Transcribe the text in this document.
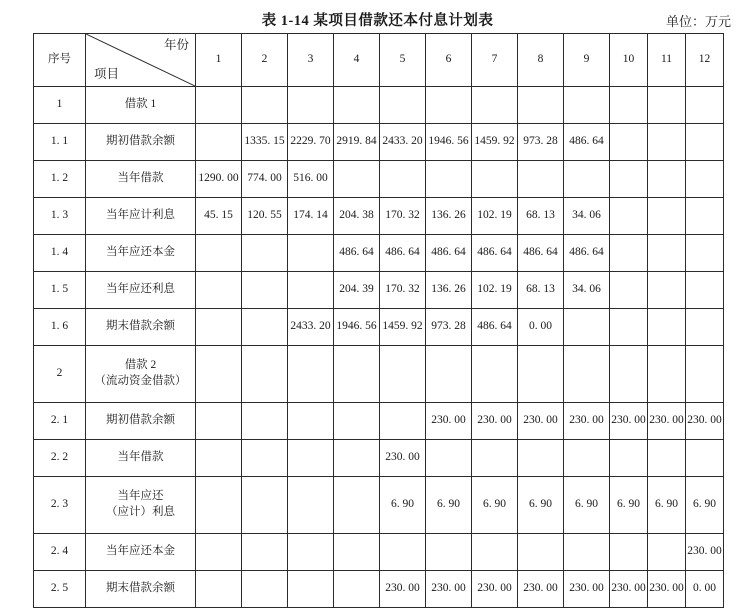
表 1-14 某项目借款还本付息计划表	单位：万元
序号	年份
项目	1	2	3	4	5	6	7	8	9	10	11	12
1	借款 1												

1. 1	期初借款余额		1335. 15	2229. 70	2919. 84	2433. 20	1946. 56	1459. 92	973. 28	486. 64			
1. 2	当年借款	1290. 00	774. 00	516. 00									
1. 3	当年应计利息	45. 15	120. 55	174. 14	204. 38	170. 32	136. 26	102. 19	68. 13	34. 06			
1. 4	当年应还本金				486. 64	486. 64	486. 64	486. 64	486. 64	486. 64			
1. 5	当年应还利息				204. 39	170. 32	136. 26	102. 19	68. 13	34. 06			
1. 6	期末借款余额			2433. 20	1946. 56	1459. 92	973. 28	486. 64	0. 00				
2	借款 2
（流动资金借款）												

2. 1	期初借款余额						230. 00	230. 00	230. 00	230. 00	230. 00	230. 00	230. 00
2. 2	当年借款					230. 00							
2. 3	当年应还
（应计）利息					6. 90	6. 90	6. 90	6. 90	6. 90	6. 90	6. 90	6. 90
2. 4	当年应还本金												230. 00
2. 5	期末借款余额					230. 00	230. 00	230. 00	230. 00	230. 00	230. 00	230. 00	0. 00
